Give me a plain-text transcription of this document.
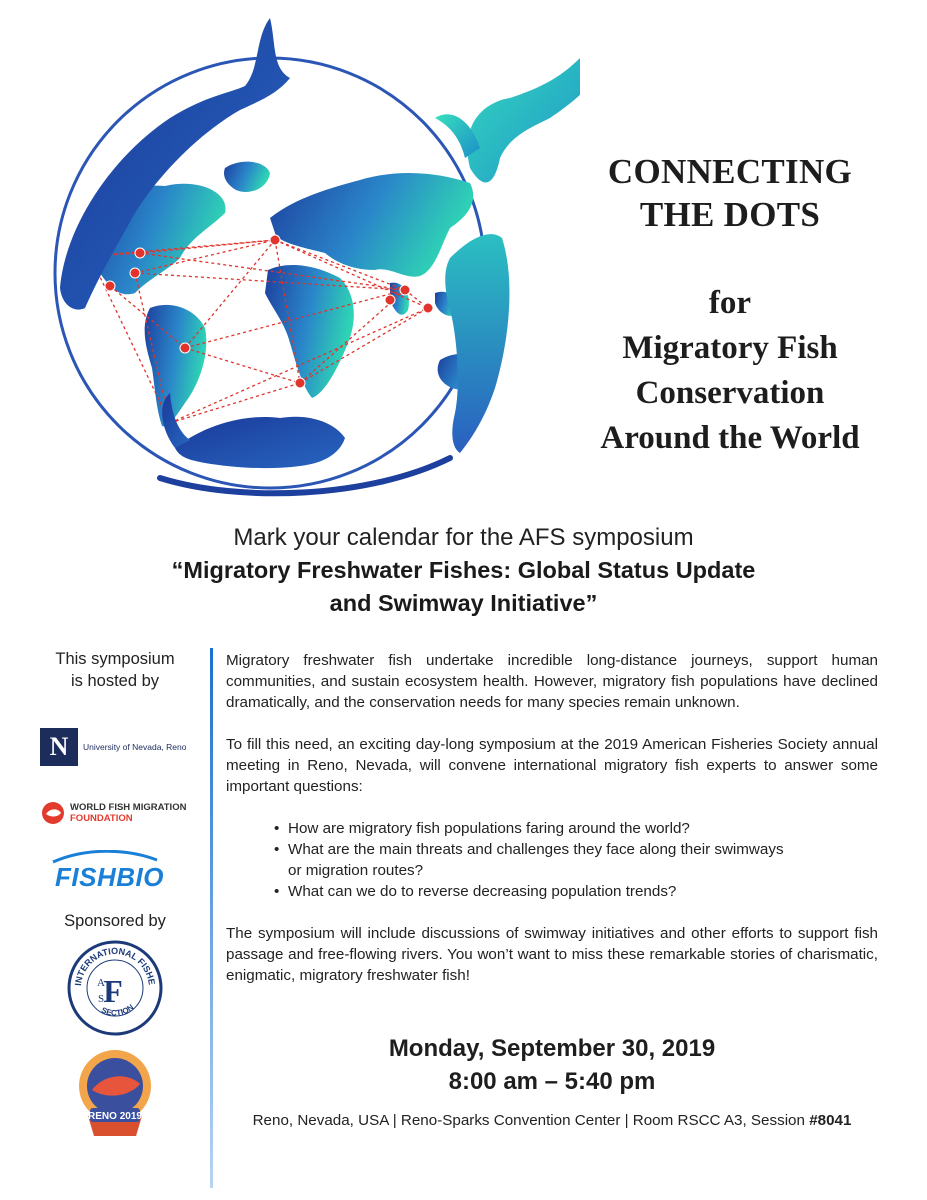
CONNECTING

THE DOTS

for

Migratory Fish

Conservation

Around the World

Mark your calendar for the AFS symposium

“Migratory Freshwater Fishes: Global Status Update

and Swimway Initiative”

This symposium

is hosted by

N	University of Nevada, Reno
WORLD FISH MIGRATION
FOUNDATION
FISHBIO

Sponsored by

INTERNATIONAL FISHE
SECTION
F
A
S
RENO 2019

Migratory freshwater fish undertake incredible long-distance journeys, support human communities, and sustain ecosystem health. However, migratory fish populations have declined dramatically, and the conservation needs for many species remain unknown.

To fill this need, an exciting day-long symposium at the 2019 American Fisheries Society annual meeting in Reno, Nevada, will convene international migratory fish experts to answer some important questions:

• How are migratory fish populations faring around the world?
• What are the main threats and challenges they face along their swimways
or migration routes?
• What can we do to reverse decreasing population trends?

The symposium will include discussions of swimway initiatives and other efforts to support fish passage and free-flowing rivers. You won’t want to miss these remarkable stories of charismatic, enigmatic, migratory freshwater fish!

Monday, September 30, 2019

8:00 am – 5:40 pm

Reno, Nevada, USA | Reno-Sparks Convention Center | Room RSCC A3, Session #8041
